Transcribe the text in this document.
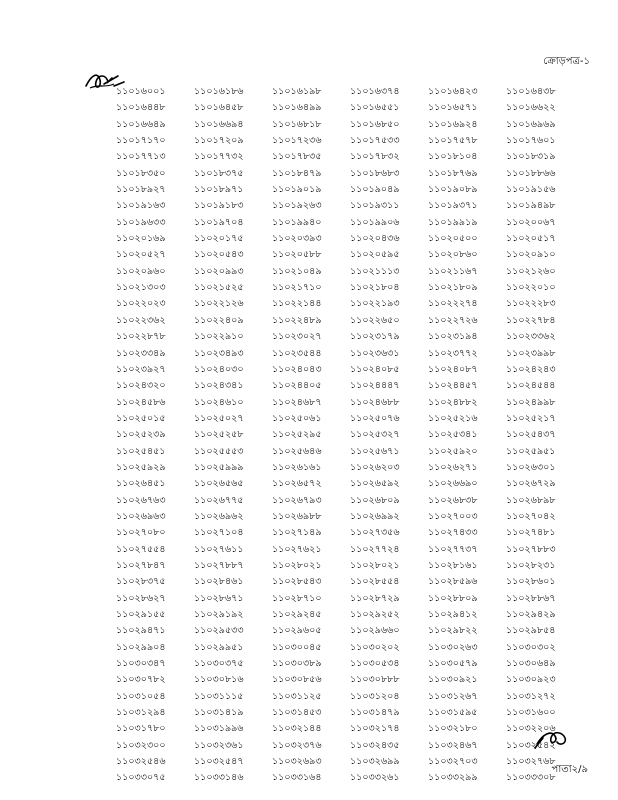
ক্রোড়পত্র-১
১১০১৬০০১	১১০১৬১৮৬	১১০১৬১৯৮	১১০১৬৩৭৪	১১০১৬৪২৩	১১০১৬৪৩৮
১১০১৬৪৪৮	১১০১৬৪৫৮	১১০১৬৪৯৯	১১০১৬৫৫১	১১০১৬৫৭১	১১০১৬৬২২
১১০১৬৬৪৯	১১০১৬৬৯৪	১১০১৬৮১৮	১১০১৬৮৫০	১১০১৬৯২৪	১১০১৬৯৬৯
১১০১৭১৭০	১১০১৭২০৯	১১০১৭২৩৬	১১০১৭৫৩৩	১১০১৭৫৭৮	১১০১৭৬০১
১১০১৭৭১৩	১১০১৭৭৩২	১১০১৭৮৩৫	১১০১৭৮৩২	১১০১৮১০৪	১১০১৮৩১৯
১১০১৮৩৫০	১১০১৮৩৭৫	১১০১৮৪৭৯	১১০১৮৬৮৩	১১০১৮৭৬৯	১১০১৮৮৬৬
১১০১৮৯২৭	১১০১৮৯৭১	১১০১৯০১৯	১১০১৯০৪৯	১১০১৯০৮৯	১১০১৯১৫৬
১১০১৯১৬৩	১১০১৯১৮৩	১১০১৯২৬৩	১১০১৯৩১১	১১০১৯৩৭১	১১০১৯৪৯৮
১১০১৯৬৩৩	১১০১৯৭০৪	১১০১৯৯৪০	১১০১৯৯০৬	১১০১৯৯১৯	১১০২০০৬৭
১১০২০১৬৯	১১০২০১৭৫	১১০২০৩৯৩	১১০২০৪৩৬	১১০২০৫০০	১১০২০৫১৭
১১০২০৫২৭	১১০২০৫৪৩	১১০২০৫৮৮	১১০২০৫৯৫	১১০২০৮৬০	১১০২০৯১০
১১০২০৯৬০	১১০২০৯৯৩	১১০২১০৪৯	১১০২১১১৩	১১০২১১৬৭	১১০২১২৬০
১১০২১৩০৩	১১০২১৫২৫	১১০২১৭১০	১১০২১৮০৪	১১০২১৮০৯	১১০২২০১০
১১০২২০২৩	১১০২২১২৬	১১০২২১৪৪	১১০২২১৯৩	১১০২২২৭৪	১১০২২২৮৩
১১০২২৩৬২	১১০২২৪০৯	১১০২২৪৮৯	১১০২২৬৫০	১১০২২৭২৬	১১০২২৭৮৪
১১০২২৮৭৮	১১০২২৯১০	১১০২৩০২৭	১১০২৩১৭৯	১১০২৩১৯৪	১১০২৩৩৬২
১১০২৩৩৪৯	১১০২৩৪৯৩	১১০২৩৫৪৪	১১০২৩৬৩১	১১০২৩৭৭২	১১০২৩৯৯৮
১১০২৩৯২৭	১১০২৪০৩০	১১০২৪০৪৩	১১০২৪০৮৫	১১০২৪০৮৭	১১০২৪২৪৩
১১০২৪৩২০	১১০২৪৩৪১	১১০২৪৪০৫	১১০২৪৪৪৭	১১০২৪৪৫৭	১১০২৪৫৪৪
১১০২৪৫৮৬	১১০২৪৬১০	১১০২৪৬৮৭	১১০২৪৬৮৮	১১০২৪৮৮২	১১০২৪৯৯৮
১১০২৫০১৫	১১০২৫০২৭	১১০২৫০৬১	১১০২৫০৭৬	১১০২৫২১৬	১১০২৫২১৭
১১০২৫২৩৯	১১০২৫২৫৮	১১০২৫২৯৫	১১০২৫৩২৭	১১০২৫৩৪১	১১০২৫৪৩৭
১১০২৫৪৫১	১১০২৫৫৫৩	১১০২৫৬৪৬	১১০২৫৬৭১	১১০২৫৯২০	১১০২৫৯৫১
১১০২৫৯২৯	১১০২৫৯৯৯	১১০২৬১৬১	১১০২৬২০৩	১১০২৬২৭১	১১০২৬৩০১
১১০২৬৪৫১	১১০২৬৫৬৫	১১০২৬৫৭২	১১০২৬৫৯২	১১০২৬৬৯০	১১০২৬৭২৯
১১০২৬৭৬৩	১১০২৬৭৭৫	১১০২৬৭৯৩	১১০২৬৮০৯	১১০২৬৮৩৮	১১০২৬৮৯৮
১১০২৬৯৬৩	১১০২৬৯৬২	১১০২৬৯৮৮	১১০২৬৯৯২	১১০২৭০০৩	১১০২৭০৪২
১১০২৭০৮০	১১০২৭১০৪	১১০২৭১৪৯	১১০২৭৩৫৬	১১০২৭৪৩৩	১১০২৭৪৮১
১১০২৭৫৫৪	১১০২৭৬১১	১১০২৭৬২১	১১০২৭৭২৪	১১০২৭৭৩৭	১১০২৭৮৮৩
১১০২৭৮৪৭	১১০২৭৮৮৭	১১০২৮০২১	১১০২৮০২১	১১০২৮১৬১	১১০২৮২৩১
১১০২৮৩৭৫	১১০২৮৪৬১	১১০২৮৫৪৩	১১০২৮৫৫৪	১১০২৮৫৯৬	১১০২৮৬০১
১১০২৮৬২৭	১১০২৮৬৭১	১১০২৮৭১০	১১০২৮৭২৯	১১০২৮৮০৯	১১০২৮৮৬৭
১১০২৯১৫৫	১১০২৯১৯২	১১০২৯২৪৫	১১০২৯২৫২	১১০২৯৪১২	১১০২৯৪২৯
১১০২৯৪৭১	১১০২৯৫৩৩	১১০২৯৬০৫	১১০২৯৬৬০	১১০২৯৮২২	১১০২৯৮৫৪
১১০২৯৯০৪	১১০২৯৯৫১	১১০৩০০৪৫	১১০৩০২০২	১১০৩০২৬৩	১১০৩০৩০২
১১০৩০৩৪৭	১১০৩০৩৭৫	১১০৩০৩৮৯	১১০৩০৫৩৪	১১০৩০৫৭৯	১১০৩০৬৪৯
১১০৩০৭৮২	১১০৩০৮১৬	১১০৩০৮৫৬	১১০৩০৮৮৮	১১০৩০৯২১	১১০৩০৯২৩
১১০৩১০৫৪	১১০৩১১১৫	১১০৩১১২৫	১১০৩১২০৪	১১০৩১২৬৭	১১০৩১২৭২
১১০৩১২৯৪	১১০৩১৪১৯	১১০৩১৪৫৩	১১০৩১৪৭৯	১১০৩১৫৯৫	১১০৩১৬০০
১১০৩১৭৮০	১১০৩১৯৯৬	১১০৩২১৪৪	১১০৩২১৭৪	১১০৩২১৮০	১১০৩২২০৬
১১০৩২৩০০	১১০৩২৩৬১	১১০৩২৩৭৬	১১০৩২৪৩৫	১১০৩২৪৬৭	১১০৩২৫৪২
১১০৩২৫৪৬	১১০৩২৫৪৭	১১০৩২৬৯৩	১১০৩২৬৯৯	১১০৩২৭০৩	১১০৩২৭৬৮
১১০৩৩০৭৫	১১০৩৩১৪৬	১১০৩৩১৬৪	১১০৩৩২৬১	১১০৩৩২৯৯	১১০৩৩৩০৮
পাতা২/৯
